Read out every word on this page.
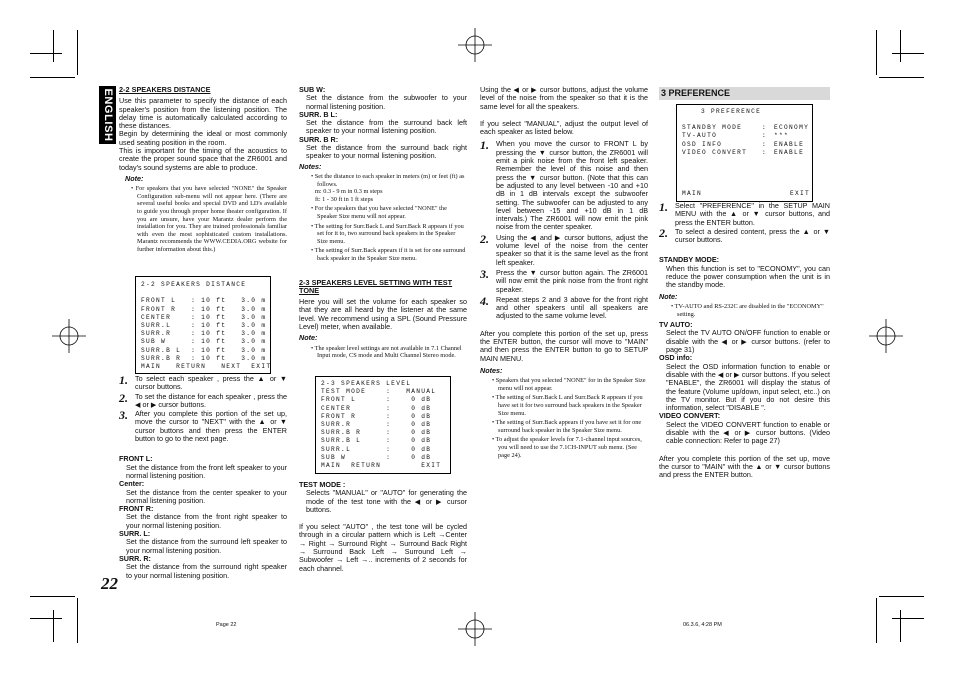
ENGLISH
22

2-2 SPEAKERS DISTANCE

Use this parameter to specify the distance of each speaker's position from the listening position. The delay time is automatically calculated according to these distances.

Begin by determining the ideal or most commonly used seating position in the room.

This is important for the timing of the acoustics to create the proper sound space that the ZR6001 and today's sound systems are able to produce.

Note:

• For speakers that you have selected "NONE" the Speaker Configuration sub-menu will not appear here. (There are several useful books and special DVD and LD's available to guide you through proper home theater configuration. If you are unsure, have your Marantz dealer perform the installation for you. They are trained professionals familiar with even the most sophisticated custom installations. Marantz recommends the WWW.CEDIA.ORG website for further information about this.)

2-2 SPEAKERS DISTANCE
FRONT L   : 10 ft   3.0 m
FRONT R   : 10 ft   3.0 m
CENTER    : 10 ft   3.0 m
SURR.L    : 10 ft   3.0 m
SURR.R    : 10 ft   3.0 m
SUB W     : 10 ft   3.0 m
SURR.B L  : 10 ft   3.0 m
SURR.B R  : 10 ft   3.0 m
MAIN   RETURN   NEXT  EXIT
1. To select each speaker , press the ▲ or ▼ cursor buttons.
2. To set the distance for each speaker , press the ◀ or ▶ cursor buttons.
3. After you complete this portion of the set up, move the cursor to "NEXT" with the ▲ or ▼ cursor buttons and then press the ENTER button to go to the next page.

FRONT L:

Set the distance from the front left speaker to your normal listening position.

Center:

Set the distance from the center speaker to your normal listening position.

FRONT R:

Set the distance from the front right speaker to your normal listening position.

SURR. L:

Set the distance from the surround left speaker to your normal listening position.

SURR. R:

Set the distance from the surround right speaker to your normal listening position.

SUB W:

Set the distance from the subwoofer to your normal listening position.

SURR. B L:

Set the distance from the surround back left speaker to your normal listening position.

SURR. B R:

Set the distance from the surround back right speaker to your normal listening position.

Notes:

• Set the distance to each speaker in meters (m) or feet (ft) as follows.

m: 0.3 - 9 m in 0.3 m steps

ft: 1 - 30 ft in 1 ft steps

• For the speakers that you have selected "NONE" the Speaker Size menu will not appear.

• The setting for Surr.Back L and Surr.Back R appears if you set for it to, two surround back speakers in the Speaker Size menu.

• The setting of Surr.Back appears if it is set for one surround back speaker in the Speaker Size menu.

2-3 SPEAKERS LEVEL SETTING WITH TEST TONE

Here you will set the volume for each speaker so that they are all heard by the listener at the same level. We recommend using a SPL (Sound Pressure Level) meter, when available.

Note:

• The speaker level settings are not available in 7.1 Channel Input mode, CS mode and Multi Channel Stereo mode.

2-3 SPEAKERS LEVEL
TEST MODE    :   MANUAL
FRONT L      :    0 dB
CENTER       :    0 dB
FRONT R      :    0 dB
SURR.R       :    0 dB
SURR.B R     :    0 dB
SURR.B L     :    0 dB
SURR.L       :    0 dB
SUB W        :    0 dB
MAIN  RETURN        EXIT

TEST MODE :

Selects "MANUAL" or "AUTO" for generating the mode of the test tone with the ◀ or ▶ cursor buttons.

If you select "AUTO" , the test tone will be cycled through in a circular pattern which is Left →Center → Right → Surround Right → Surround Back Right → Surround Back Left → Surround Left → Subwoofer → Left →.. increments of 2 seconds for each channel.

Using the ◀ or ▶ cursor buttons, adjust the volume level of the noise from the speaker so that it is the same level for all the speakers.

If you select "MANUAL", adjust the output level of each speaker as listed below.

1. When you move the cursor to FRONT L by pressing the ▼ cursor button, the ZR6001 will emit a pink noise from the front left speaker. Remember the level of this noise and then press the ▼ cursor button. (Note that this can be adjusted to any level between -10 and +10 dB in 1 dB intervals except the subwoofer setting. The subwoofer can be adjusted to any level between -15 and +10 dB in 1 dB intervals.) The ZR6001 will now emit the pink noise from the center speaker.
2. Using the ◀ and ▶ cursor buttons, adjust the volume level of the noise from the center speaker so that it is the same level as the front left speaker.
3. Press the ▼ cursor button again. The ZR6001 will now emit the pink noise from the front right speaker.
4. Repeat steps 2 and 3 above for the front right and other speakers until all speakers are adjusted to the same volume level.

After you complete this portion of the set up, press the ENTER button, the cursor will move to "MAIN" and then press the ENTER button to go to SETUP MAIN MENU.

Notes:

• Speakers that you selected "NONE" for in the Speaker Size menu will not appear.

• The setting of Surr.Back L and Surr.Back R appears if you have set it for two surround back speakers in the Speaker Size menu.

• The setting of Surr.Back appears if you have set it for one surround back speaker in the Speaker Size menu.

• To adjust the speaker levels for 7.1-channel input sources, you will need to use the 7.1CH-INPUT sub menu. (See page 24).

3 PREFERENCE
3 PREFERENCE
STANDBY MODE	: ECONOMY
TV-AUTO	: ***
OSD INFO	: ENABLE
VIDEO CONVERT : ENABLE
MAIN	EXIT
1. Select "PREFERENCE" in the SETUP MAIN MENU with the ▲ or ▼ cursor buttons, and press the ENTER button.
2. To select a desired content, press the ▲ or ▼ cursor buttons.

STANDBY MODE:

When this function is set to "ECONOMY", you can reduce the power consumption when the unit is in the standby mode.

Note:

• TV-AUTO and RS-232C are disabled in the "ECONOMY" setting.

TV AUTO:

Select the TV AUTO ON/OFF function to enable or disable with the ◀ or ▶ cursor buttons. (refer to page 31)

OSD info:

Select the OSD information function to enable or disable with the ◀ or ▶ cursor buttons. If you select "ENABLE", the ZR6001 will display the status of the feature (Volume up/down, input select, etc..) on the TV monitor. But if you do not desire this information, select "DISABLE ".

VIDEO CONVERT:

Select the VIDEO CONVERT function to enable or disable with the ◀ or ▶ cursor buttons. (Video cable connection: Refer to page 27)

After you complete this portion of the set up, move the cursor to "MAIN" with the ▲ or ▼ cursor buttons and press the ENTER button.

Page 22	06.3.6, 4:28 PM
